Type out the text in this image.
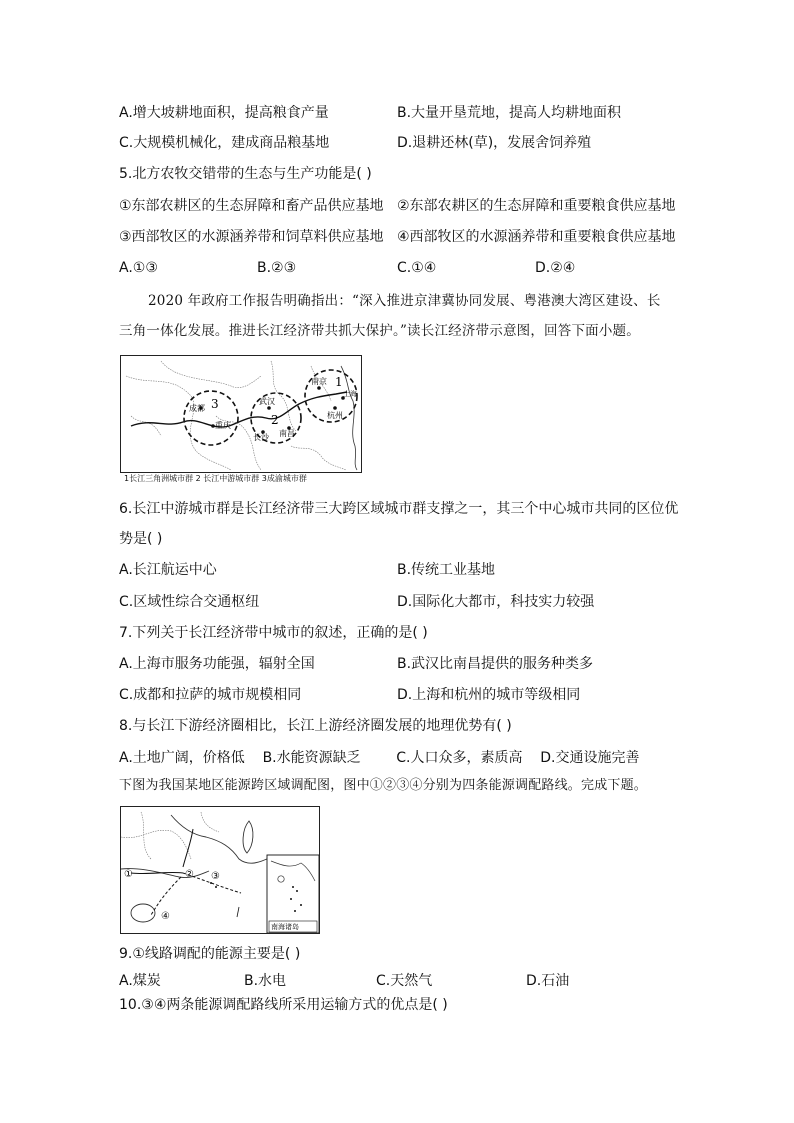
A.增大坡耕地面积，提高粮食产量	B.大量开垦荒地，提高人均耕地面积
C.大规模机械化，建成商品粮基地	D.退耕还林(草)，发展舍饲养殖
5.北方农牧交错带的生态与生产功能是( )
①东部农耕区的生态屏障和畜产品供应基地 ②东部农耕区的生态屏障和重要粮食供应基地
③西部牧区的水源涵养带和饲草料供应基地 ④西部牧区的水源涵养带和重要粮食供应基地
A.①③	B.②③	C.①④	D.②④
2020 年政府工作报告明确指出：“深入推进京津冀协同发展、粤港澳大湾区建设、长
三角一体化发展。推进长江经济带共抓大保护。”读长江经济带示意图，回答下面小题。
南京
上海
杭州
武汉
长沙 南昌
成都
重庆
1
2
3
1长江三角洲城市群 2 长江中游城市群 3成渝城市群
6.长江中游城市群是长江经济带三大跨区域城市群支撑之一，其三个中心城市共同的区位优
势是( )
A.长江航运中心	B.传统工业基地
C.区域性综合交通枢纽	D.国际化大都市，科技实力较强
7.下列关于长江经济带中城市的叙述，正确的是( )
A.上海市服务功能强，辐射全国	B.武汉比南昌提供的服务种类多
C.成都和拉萨的城市规模相同	D.上海和杭州的城市等级相同
8.与长江下游经济圈相比，长江上游经济圈发展的地理优势有( )
A.土地广阔，价格低    B.水能资源缺乏        C.人口众多，素质高    D.交通设施完善
下图为我国某地区能源跨区域调配图，图中①②③④分别为四条能源调配路线。完成下题。
①	② ③
④
南海诸岛
9.①线路调配的能源主要是( )
A.煤炭	B.水电	C.天然气	D.石油
10.③④两条能源调配路线所采用运输方式的优点是( )
